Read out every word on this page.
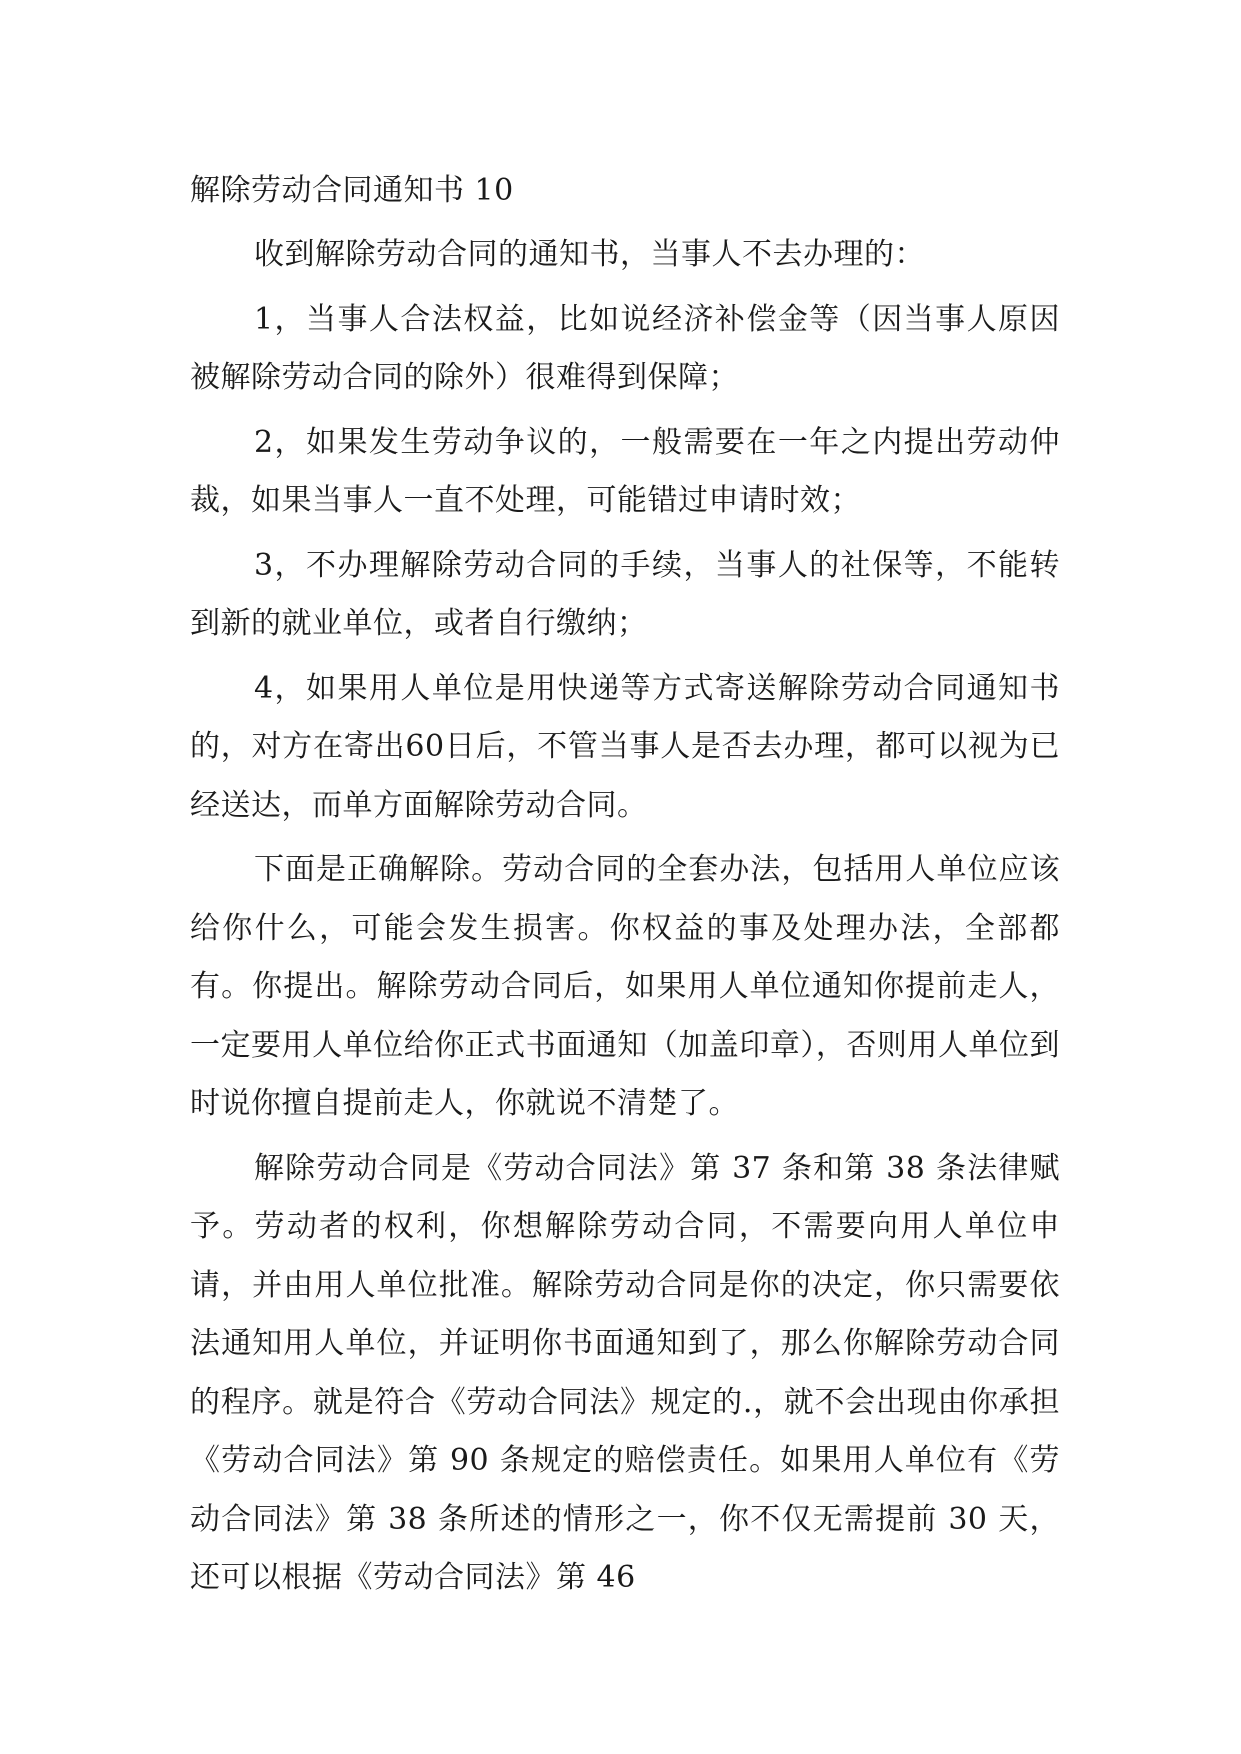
解除劳动合同通知书 10

收到解除劳动合同的通知书，当事人不去办理的：

1，当事人合法权益，比如说经济补偿金等（因当事人原因被解除劳动合同的除外）很难得到保障；

2，如果发生劳动争议的，一般需要在一年之内提出劳动仲裁，如果当事人一直不处理，可能错过申请时效；

3，不办理解除劳动合同的手续，当事人的社保等，不能转到新的就业单位，或者自行缴纳；

4，如果用人单位是用快递等方式寄送解除劳动合同通知书的，对方在寄出60日后，不管当事人是否去办理，都可以视为已经送达，而单方面解除劳动合同。

下面是正确解除。劳动合同的全套办法，包括用人单位应该给你什么，可能会发生损害。你权益的事及处理办法，全部都有。你提出。解除劳动合同后，如果用人单位通知你提前走人，一定要用人单位给你正式书面通知（加盖印章），否则用人单位到时说你擅自提前走人，你就说不清楚了。

解除劳动合同是《劳动合同法》第 37 条和第 38 条法律赋予。劳动者的权利，你想解除劳动合同，不需要向用人单位申请，并由用人单位批准。解除劳动合同是你的决定，你只需要依法通知用人单位，并证明你书面通知到了，那么你解除劳动合同的程序。就是符合《劳动合同法》规定的.，就不会出现由你承担《劳动合同法》第 90 条规定的赔偿责任。如果用人单位有《劳动合同法》第 38 条所述的情形之一，你不仅无需提前 30 天，还可以根据《劳动合同法》第 46
